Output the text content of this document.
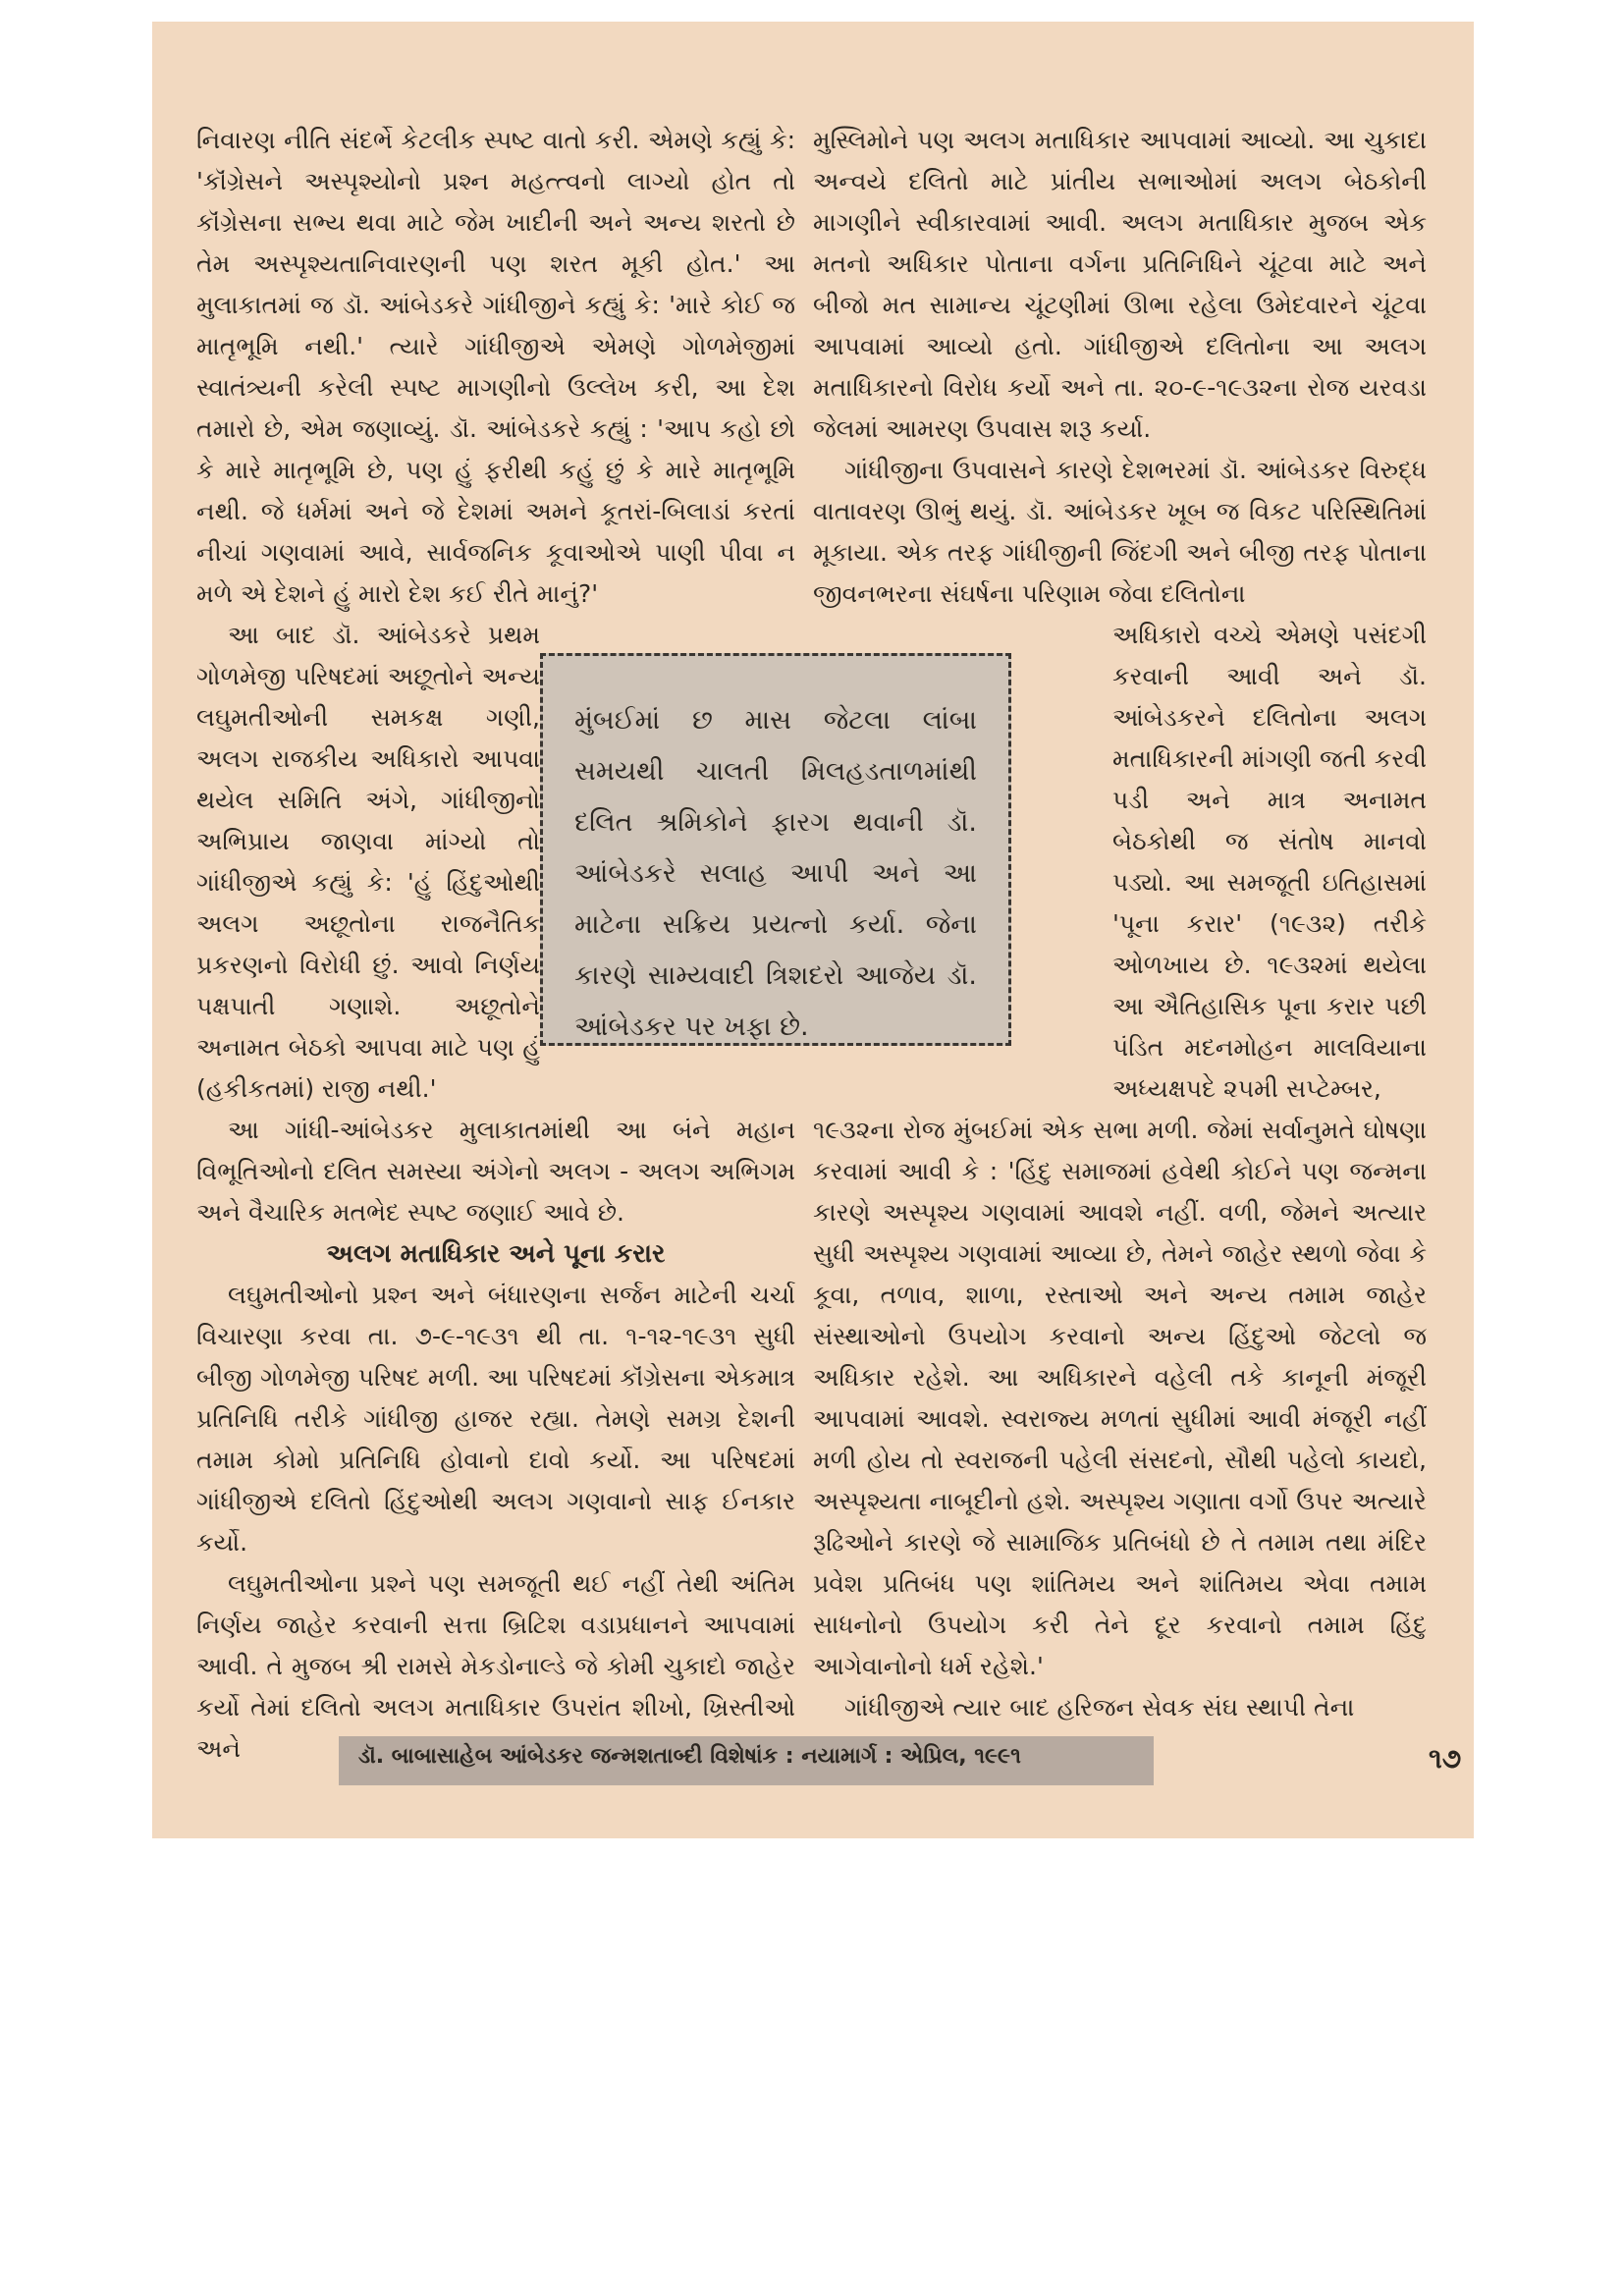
નિવારણ નીતિ સંદર્ભે કેટલીક સ્પષ્ટ વાતો કરી. એમણે કહ્યું કે: 'કૉંગ્રેસને અસ્પૃશ્યોનો પ્રશ્ન મહત્ત્વનો લાગ્યો હોત તો કૉંગ્રેસના સભ્ય થવા માટે જેમ ખાદીની અને અન્ય શરતો છે તેમ અસ્પૃશ્યતાનિવારણની પણ શરત મૂકી હોત.' આ મુલાકાતમાં જ ડૉ. આંબેડકરે ગાંધીજીને કહ્યું કે: 'મારે કોઈ જ માતૃભૂમિ નથી.' ત્યારે ગાંધીજીએ એમણે ગોળમેજીમાં સ્વાતંત્ર્યની કરેલી સ્પષ્ટ માગણીનો ઉલ્લેખ કરી, આ દેશ તમારો છે, એમ જણાવ્યું. ડૉ. આંબેડકરે કહ્યું : 'આપ કહો છો કે મારે માતૃભૂમિ છે, પણ હું ફરીથી કહું છું કે મારે માતૃભૂમિ નથી. જે ધર્મમાં અને જે દેશમાં અમને કૂતરાં-બિલાડાં કરતાં નીચાં ગણવામાં આવે, સાર્વજનિક કૂવાઓએ પાણી પીવા ન મળે એ દેશને હું મારો દેશ કઈ રીતે માનું?'

આ બાદ ડૉ. આંબેડકરે પ્રથમ ગોળમેજી પરિષદમાં અછૂતોને અન્ય લઘુમતીઓની સમકક્ષ ગણી, અલગ રાજકીય અધિકારો આપવા થયેલ સમિતિ અંગે, ગાંધીજીનો અભિપ્રાય જાણવા માંગ્યો તો ગાંધીજીએ કહ્યું કે: 'હું હિંદુઓથી અલગ અછૂતોના રાજનૈતિક પ્રકરણનો વિરોધી છું. આવો નિર્ણય પક્ષપાતી ગણાશે. અછૂતોને અનામત બેઠકો આપવા માટે પણ હું (હકીકતમાં) રાજી નથી.'

આ ગાંધી-આંબેડકર મુલાકાતમાંથી આ બંને મહાન વિભૂતિઓનો દલિત સમસ્યા અંગેનો અલગ - અલગ અભિગમ અને વૈચારિક મતભેદ સ્પષ્ટ જણાઈ આવે છે.

અલગ મતાધિકાર અને પૂના કરાર

લઘુમતીઓનો પ્રશ્ન અને બંધારણના સર્જન માટેની ચર્ચા વિચારણા કરવા તા. ૭-૯-૧૯૩૧ થી તા. ૧-૧૨-૧૯૩૧ સુધી બીજી ગોળમેજી પરિષદ મળી. આ પરિષદમાં કૉંગ્રેસના એકમાત્ર પ્રતિનિધિ તરીકે ગાંધીજી હાજર રહ્યા. તેમણે સમગ્ર દેશની તમામ કોમો પ્રતિનિધિ હોવાનો દાવો કર્યો. આ પરિષદમાં ગાંધીજીએ દલિતો હિંદુઓથી અલગ ગણવાનો સાફ ઈનકાર કર્યો.

લઘુમતીઓના પ્રશ્ને પણ સમજૂતી થઈ નહીં તેથી અંતિમ નિર્ણય જાહેર કરવાની સત્તા બ્રિટિશ વડાપ્રધાનને આપવામાં આવી. તે મુજબ શ્રી રામસે મેકડોનાલ્ડે જે કોમી ચુકાદો જાહેર કર્યો તેમાં દલિતો અલગ મતાધિકાર ઉપરાંત શીખો, ખ્રિસ્તીઓ અને

મુસ્લિમોને પણ અલગ મતાધિકાર આપવામાં આવ્યો. આ ચુકાદા અન્વયે દલિતો માટે પ્રાંતીય સભાઓમાં અલગ બેઠકોની માગણીને સ્વીકારવામાં આવી. અલગ મતાધિકાર મુજબ એક મતનો અધિકાર પોતાના વર્ગના પ્રતિનિધિને ચૂંટવા માટે અને બીજો મત સામાન્ય ચૂંટણીમાં ઊભા રહેલા ઉમેદવારને ચૂંટવા આપવામાં આવ્યો હતો. ગાંધીજીએ દલિતોના આ અલગ મતાધિકારનો વિરોધ કર્યો અને તા. ૨૦-૯-૧૯૩૨ના રોજ યરવડા જેલમાં આમરણ ઉપવાસ શરૂ કર્યા.

ગાંધીજીના ઉપવાસને કારણે દેશભરમાં ડૉ. આંબેડકર વિરુદ્ધ વાતાવરણ ઊભું થયું. ડૉ. આંબેડકર ખૂબ જ વિકટ પરિસ્થિતિમાં મૂકાયા. એક તરફ ગાંધીજીની જિંદગી અને બીજી તરફ પોતાના જીવનભરના સંઘર્ષના પરિણામ જેવા દલિતોના

અધિકારો વચ્ચે એમણે પસંદગી કરવાની આવી અને ડૉ. આંબેડકરને દલિતોના અલગ મતાધિકારની માંગણી જતી કરવી પડી અને માત્ર અનામત બેઠકોથી જ સંતોષ માનવો પડ્યો. આ સમજૂતી ઇતિહાસમાં 'પૂના કરાર' (૧૯૩૨) તરીકે ઓળખાય છે. ૧૯૩૨માં થયેલા આ ઐતિહાસિક પૂના કરાર પછી પંડિત મદનમોહન માલવિયાના અધ્યક્ષપદે ૨૫મી સપ્ટેમ્બર,

૧૯૩૨ના રોજ મુંબઈમાં એક સભા મળી. જેમાં સર્વાનુમતે ઘોષણા કરવામાં આવી કે : 'હિંદુ સમાજમાં હવેથી કોઈને પણ જન્મના કારણે અસ્પૃશ્ય ગણવામાં આવશે નહીં. વળી, જેમને અત્યાર સુધી અસ્પૃશ્ય ગણવામાં આવ્યા છે, તેમને જાહેર સ્થળો જેવા કે કૂવા, તળાવ, શાળા, રસ્તાઓ અને અન્ય તમામ જાહેર સંસ્થાઓનો ઉપયોગ કરવાનો અન્ય હિંદુઓ જેટલો જ અધિકાર રહેશે. આ અધિકારને વહેલી તકે કાનૂની મંજૂરી આપવામાં આવશે. સ્વરાજ્ય મળતાં સુધીમાં આવી મંજૂરી નહીં મળી હોય તો સ્વરાજની પહેલી સંસદનો, સૌથી પહેલો કાયદો, અસ્પૃશ્યતા નાબૂદીનો હશે. અસ્પૃશ્ય ગણાતા વર્ગો ઉપર અત્યારે રૂઢિઓને કારણે જે સામાજિક પ્રતિબંધો છે તે તમામ તથા મંદિર પ્રવેશ પ્રતિબંધ પણ શાંતિમય અને શાંતિમય એવા તમામ સાધનોનો ઉપયોગ કરી તેને દૂર કરવાનો તમામ હિંદુ આગેવાનોનો ધર્મ રહેશે.'

ગાંધીજીએ ત્યાર બાદ હરિજન સેવક સંઘ સ્થાપી તેના

મુંબઈમાં છ માસ જેટલા લાંબા સમયથી ચાલતી મિલહડતાળમાંથી દલિત શ્રમિકોને ફારગ થવાની ડૉ. આંબેડકરે સલાહ આપી અને આ માટેના સક્રિય પ્રયત્નો કર્યા. જેના કારણે સામ્યવાદી ત્રિશદરો આજેય ડૉ. આંબેડકર પર ખફા છે.
ડૉ. બાબાસાહેબ આંબેડકર જન્મશતાબ્દી વિશેષાંક : નયામાર્ગ : એપ્રિલ, ૧૯૯૧	૧૭
